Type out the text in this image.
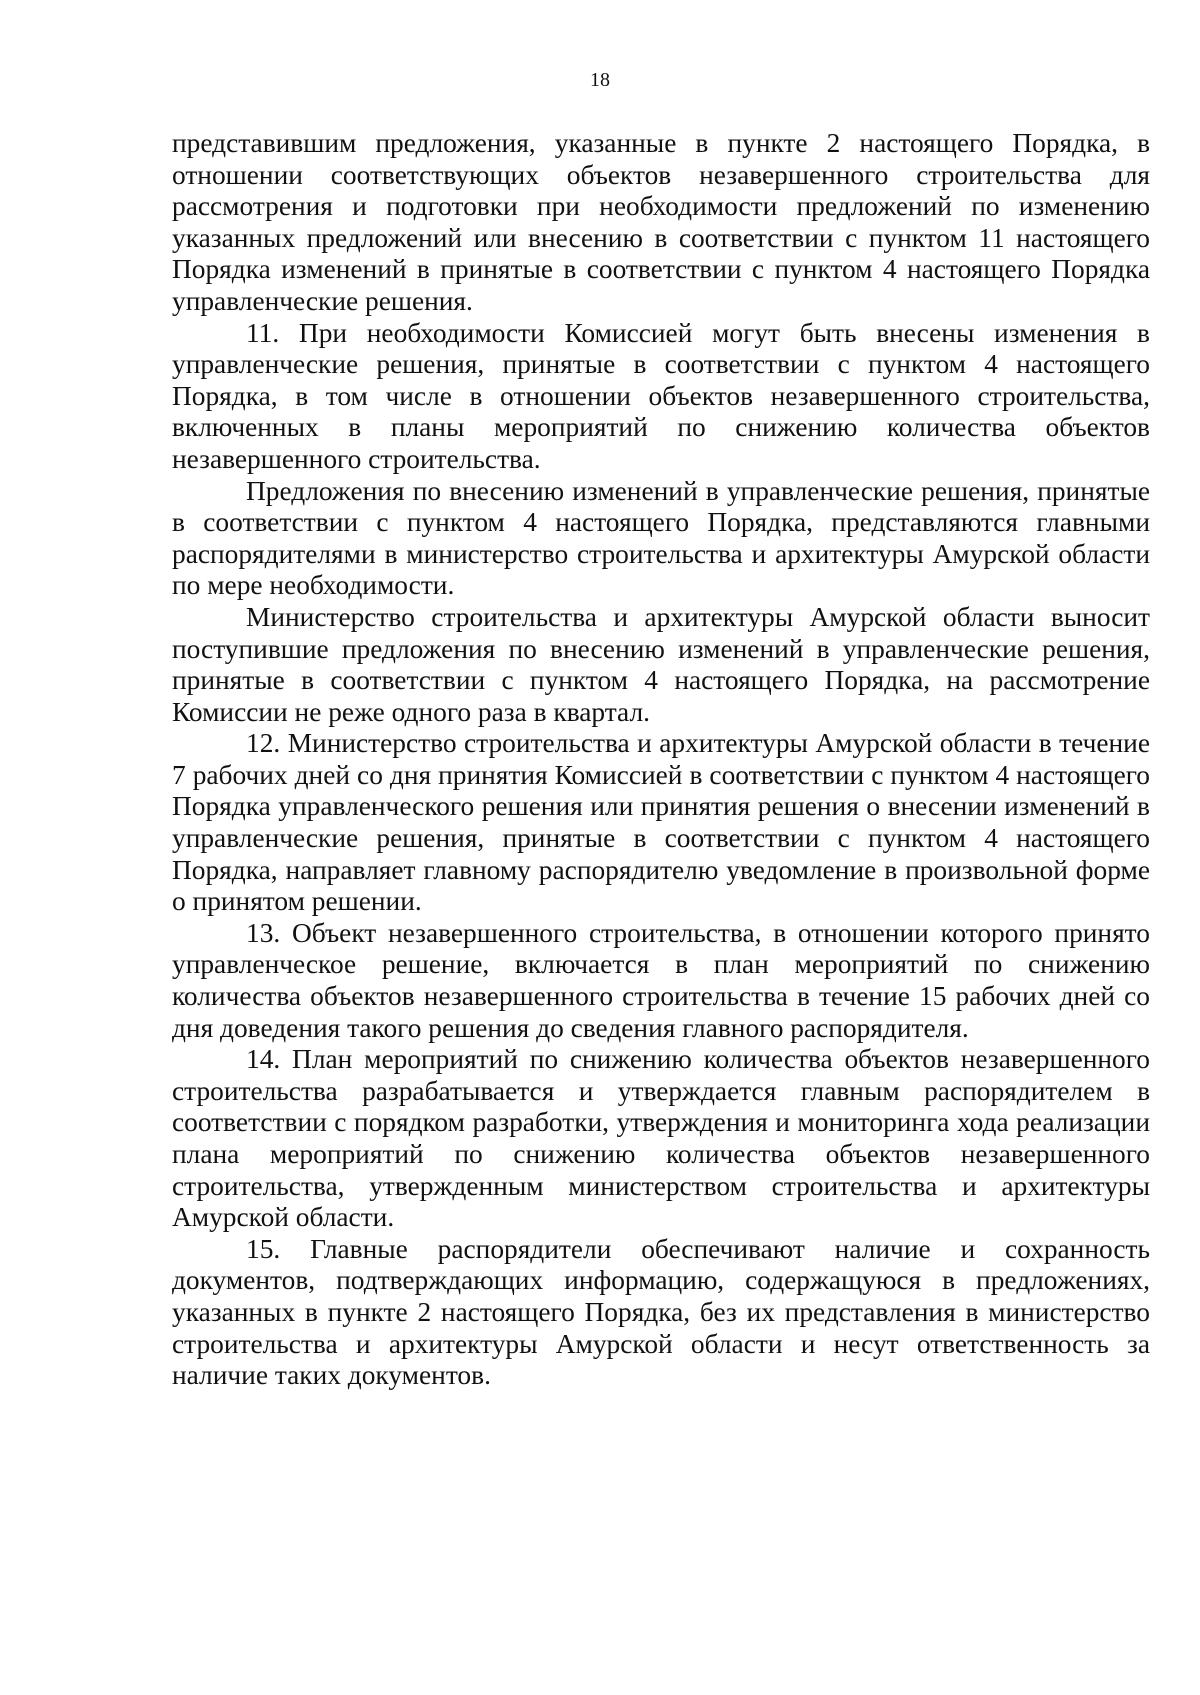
18

представившим предложения, указанные в пункте 2 настоящего Порядка, в отношении соответствующих объектов незавершенного строительства для рассмотрения и подготовки при необходимости предложений по изменению указанных предложений или внесению в соответствии с пунктом 11 настоящего Порядка изменений в принятые в соответствии с пунктом 4 настоящего Порядка управленческие решения.

11. При необходимости Комиссией могут быть внесены изменения в управленческие решения, принятые в соответствии с пунктом 4 настоящего Порядка, в том числе в отношении объектов незавершенного строительства, включенных в планы мероприятий по снижению количества объектов незавершенного строительства.

Предложения по внесению изменений в управленческие решения, принятые в соответствии с пунктом 4 настоящего Порядка, представляются главными распорядителями в министерство строительства и архитектуры Амурской области по мере необходимости.

Министерство строительства и архитектуры Амурской области выносит поступившие предложения по внесению изменений в управленческие решения, принятые в соответствии с пунктом 4 настоящего Порядка, на рассмотрение Комиссии не реже одного раза в квартал.

12. Министерство строительства и архитектуры Амурской области в течение 7 рабочих дней со дня принятия Комиссией в соответствии с пунктом 4 настоящего Порядка управленческого решения или принятия решения о внесении изменений в управленческие решения, принятые в соответствии с пунктом 4 настоящего Порядка, направляет главному распорядителю уведомление в произвольной форме о принятом решении.

13. Объект незавершенного строительства, в отношении которого принято управленческое решение, включается в план мероприятий по снижению количества объектов незавершенного строительства в течение 15 рабочих дней со дня доведения такого решения до сведения главного распорядителя.

14. План мероприятий по снижению количества объектов незавершенного строительства разрабатывается и утверждается главным распорядителем в соответствии с порядком разработки, утверждения и мониторинга хода реализации плана мероприятий по снижению количества объектов незавершенного строительства, утвержденным министерством строительства и архитектуры Амурской области.

15. Главные распорядители обеспечивают наличие и сохранность документов, подтверждающих информацию, содержащуюся в предложениях, указанных в пункте 2 настоящего Порядка, без их представления в министерство строительства и архитектуры Амурской области и несут ответственность за наличие таких документов.
